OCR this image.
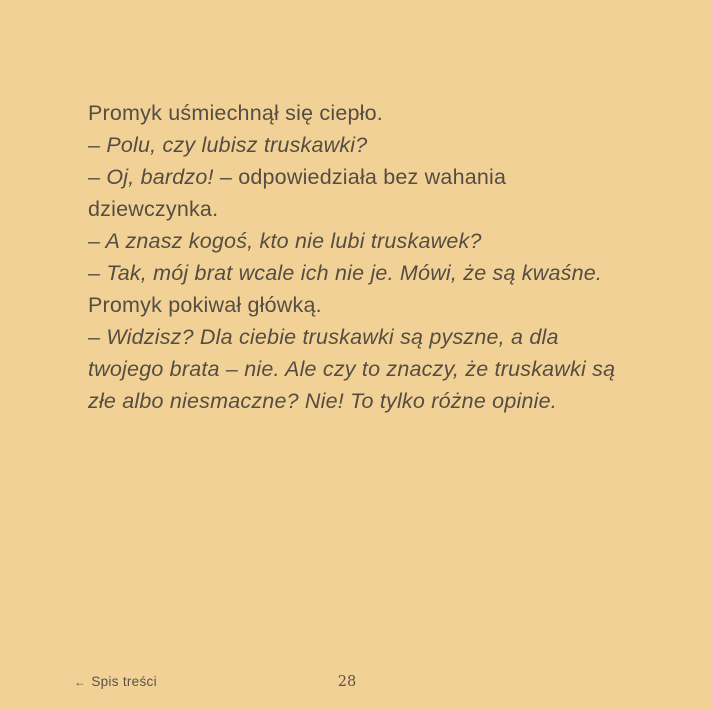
Promyk uśmiechnął się ciepło.

– Polu, czy lubisz truskawki?

– Oj, bardzo! – odpowiedziała bez wahania dziewczynka.

– A znasz kogoś, kto nie lubi truskawek?

– Tak, mój brat wcale ich nie je. Mówi, że są kwaśne.

Promyk pokiwał główką.

– Widzisz? Dla ciebie truskawki są pyszne, a dla twojego brata – nie. Ale czy to znaczy, że truskawki są złe albo niesmaczne? Nie! To tylko różne opinie.

← Spis treści	28
